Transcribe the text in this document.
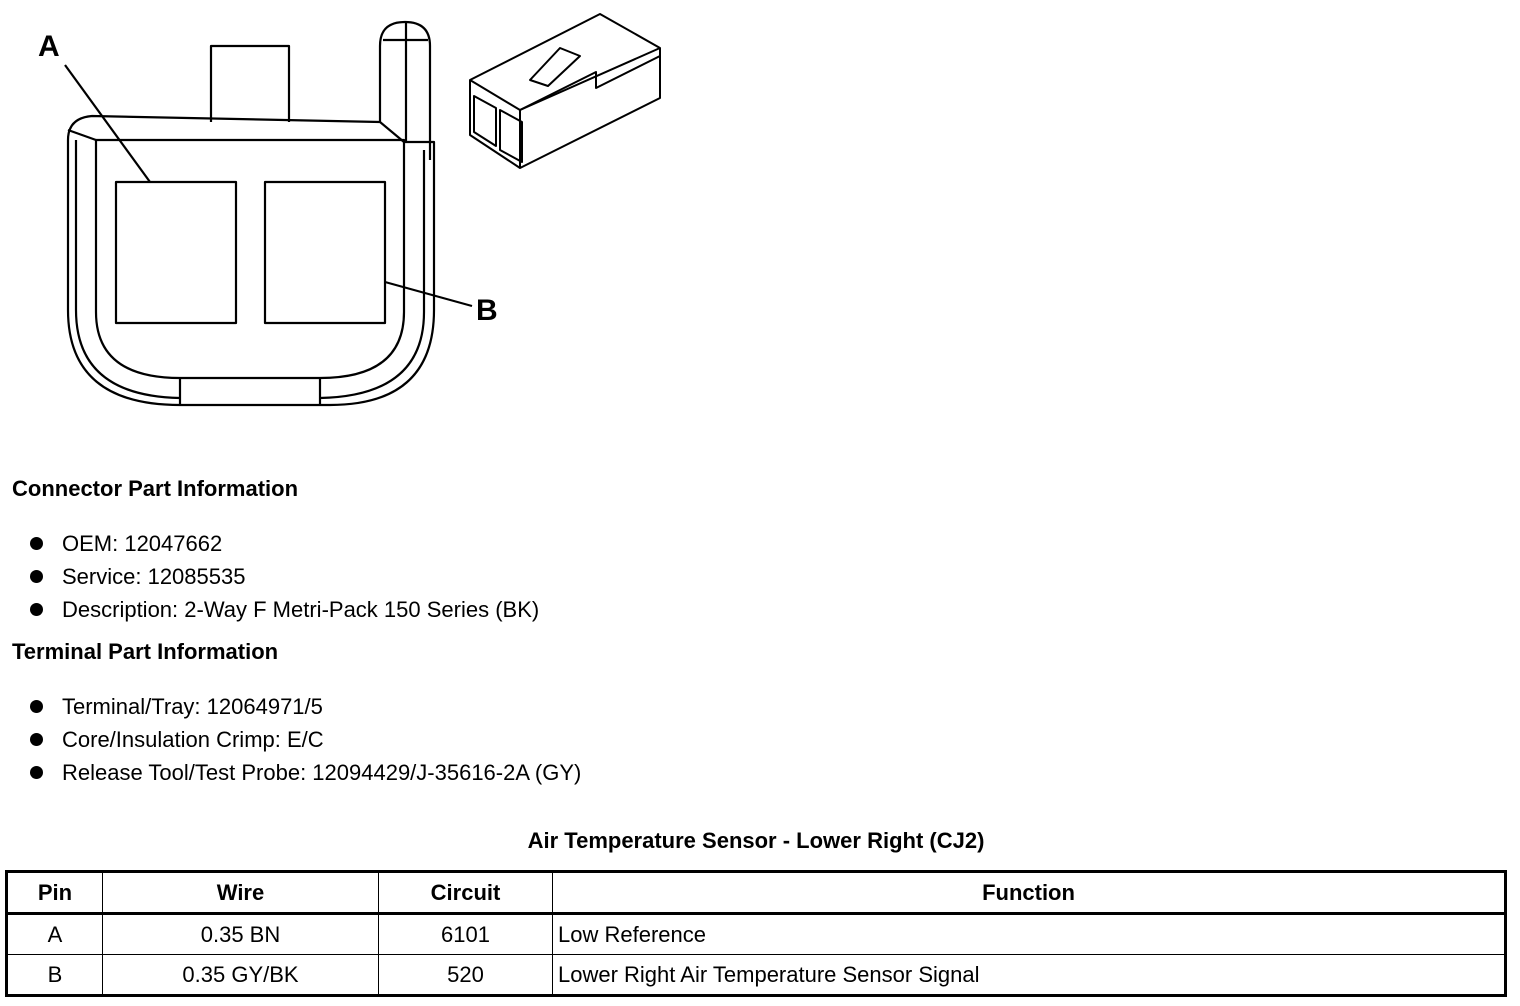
A
B
Connector Part Information
OEM: 12047662
Service: 12085535
Description: 2-Way F Metri-Pack 150 Series (BK)
Terminal Part Information
Terminal/Tray: 12064971/5
Core/Insulation Crimp: E/C
Release Tool/Test Probe: 12094429/J-35616-2A (GY)
Air Temperature Sensor - Lower Right (CJ2)
Pin	Wire	Circuit	Function
A	0.35 BN	6101	Low Reference
B	0.35 GY/BK	520	Lower Right Air Temperature Sensor Signal
